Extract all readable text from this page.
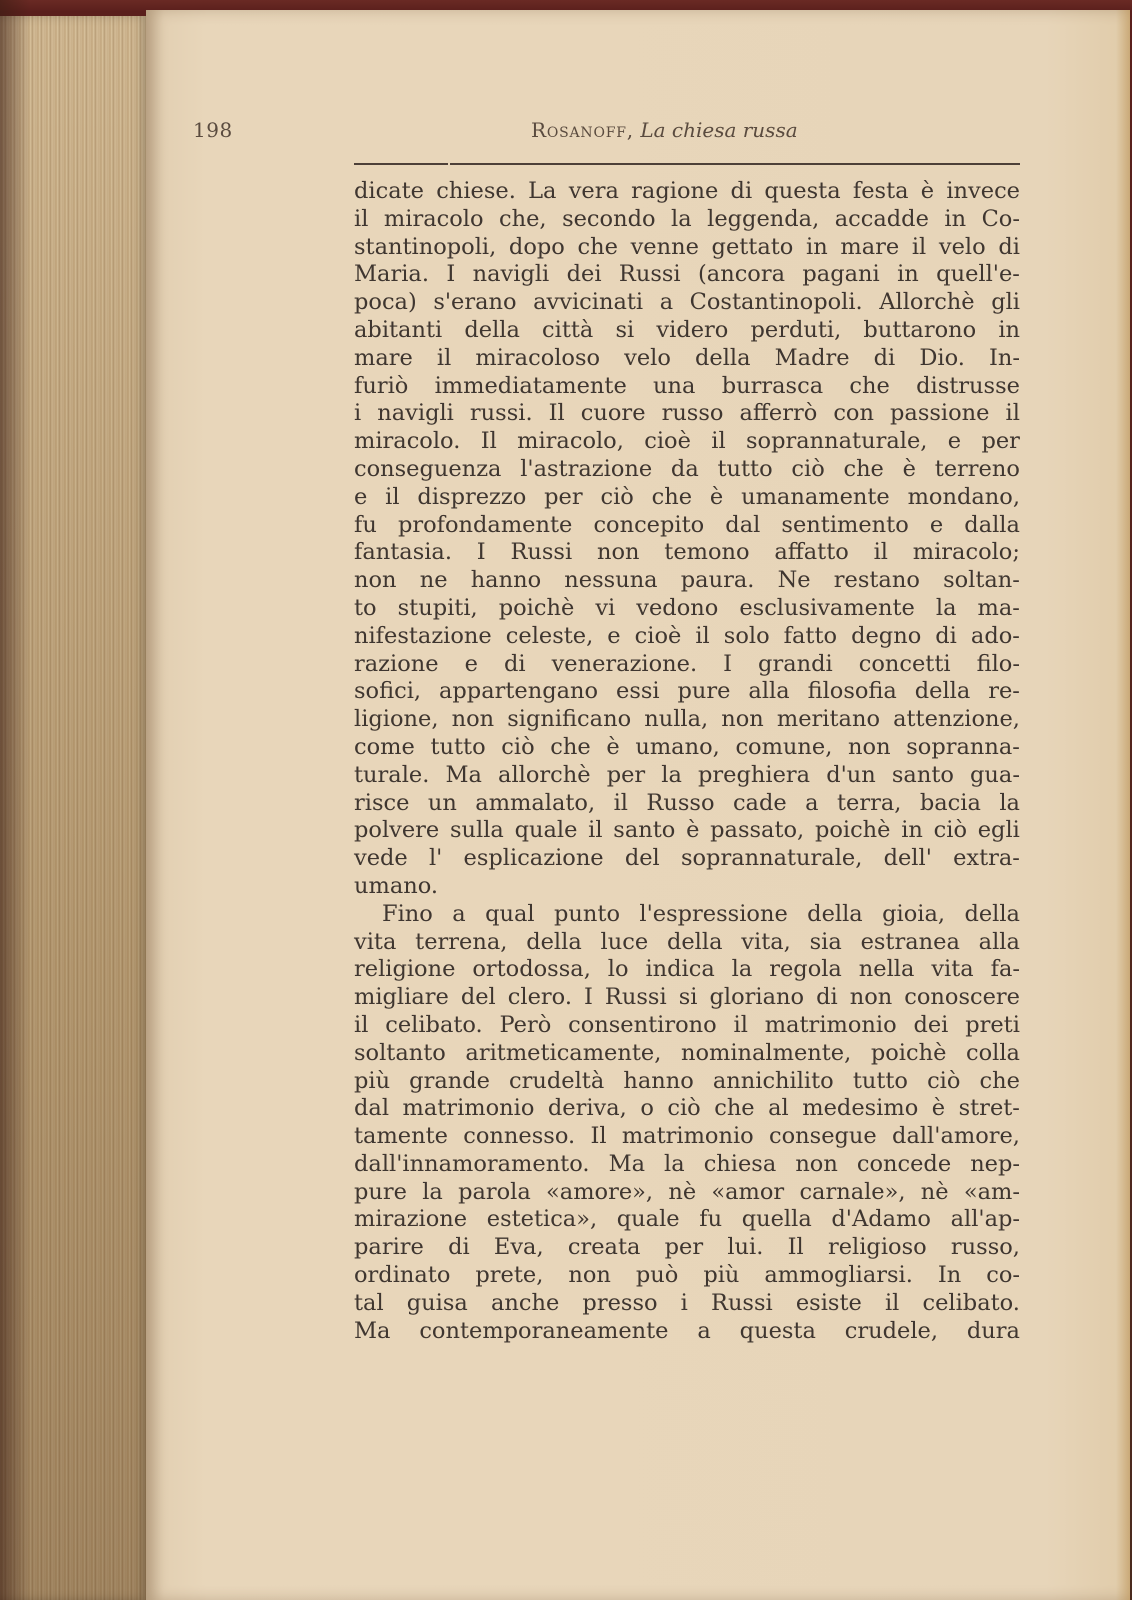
198	Rosanoff, La chiesa russa
dicate chiese. La vera ragione di questa festa è invece
il miracolo che, secondo la leggenda, accadde in Co-
stantinopoli, dopo che venne gettato in mare il velo di
Maria. I navigli dei Russi (ancora pagani in quell'e-
poca) s'erano avvicinati a Costantinopoli. Allorchè gli
abitanti della città si videro perduti, buttarono in
mare il miracoloso velo della Madre di Dio. In-
furiò immediatamente una burrasca che distrusse
i navigli russi. Il cuore russo afferrò con passione il
miracolo. Il miracolo, cioè il soprannaturale, e per
conseguenza l'astrazione da tutto ciò che è terreno
e il disprezzo per ciò che è umanamente mondano,
fu profondamente concepito dal sentimento e dalla
fantasia. I Russi non temono affatto il miracolo;
non ne hanno nessuna paura. Ne restano soltan-
to stupiti, poichè vi vedono esclusivamente la ma-
nifestazione celeste, e cioè il solo fatto degno di ado-
razione e di venerazione. I grandi concetti filo-
sofici, appartengano essi pure alla filosofia della re-
ligione, non significano nulla, non meritano attenzione,
come tutto ciò che è umano, comune, non sopranna-
turale. Ma allorchè per la preghiera d'un santo gua-
risce un ammalato, il Russo cade a terra, bacia la
polvere sulla quale il santo è passato, poichè in ciò egli
vede l' esplicazione del soprannaturale, dell' extra-
umano.
Fino a qual punto l'espressione della gioia, della
vita terrena, della luce della vita, sia estranea alla
religione ortodossa, lo indica la regola nella vita fa-
migliare del clero. I Russi si gloriano di non conoscere
il celibato. Però consentirono il matrimonio dei preti
soltanto aritmeticamente, nominalmente, poichè colla
più grande crudeltà hanno annichilito tutto ciò che
dal matrimonio deriva, o ciò che al medesimo è stret-
tamente connesso. Il matrimonio consegue dall'amore,
dall'innamoramento. Ma la chiesa non concede nep-
pure la parola «amore», nè «amor carnale», nè «am-
mirazione estetica», quale fu quella d'Adamo all'ap-
parire di Eva, creata per lui. Il religioso russo,
ordinato prete, non può più ammogliarsi. In co-
tal guisa anche presso i Russi esiste il celibato.
Ma contemporaneamente a questa crudele, dura
